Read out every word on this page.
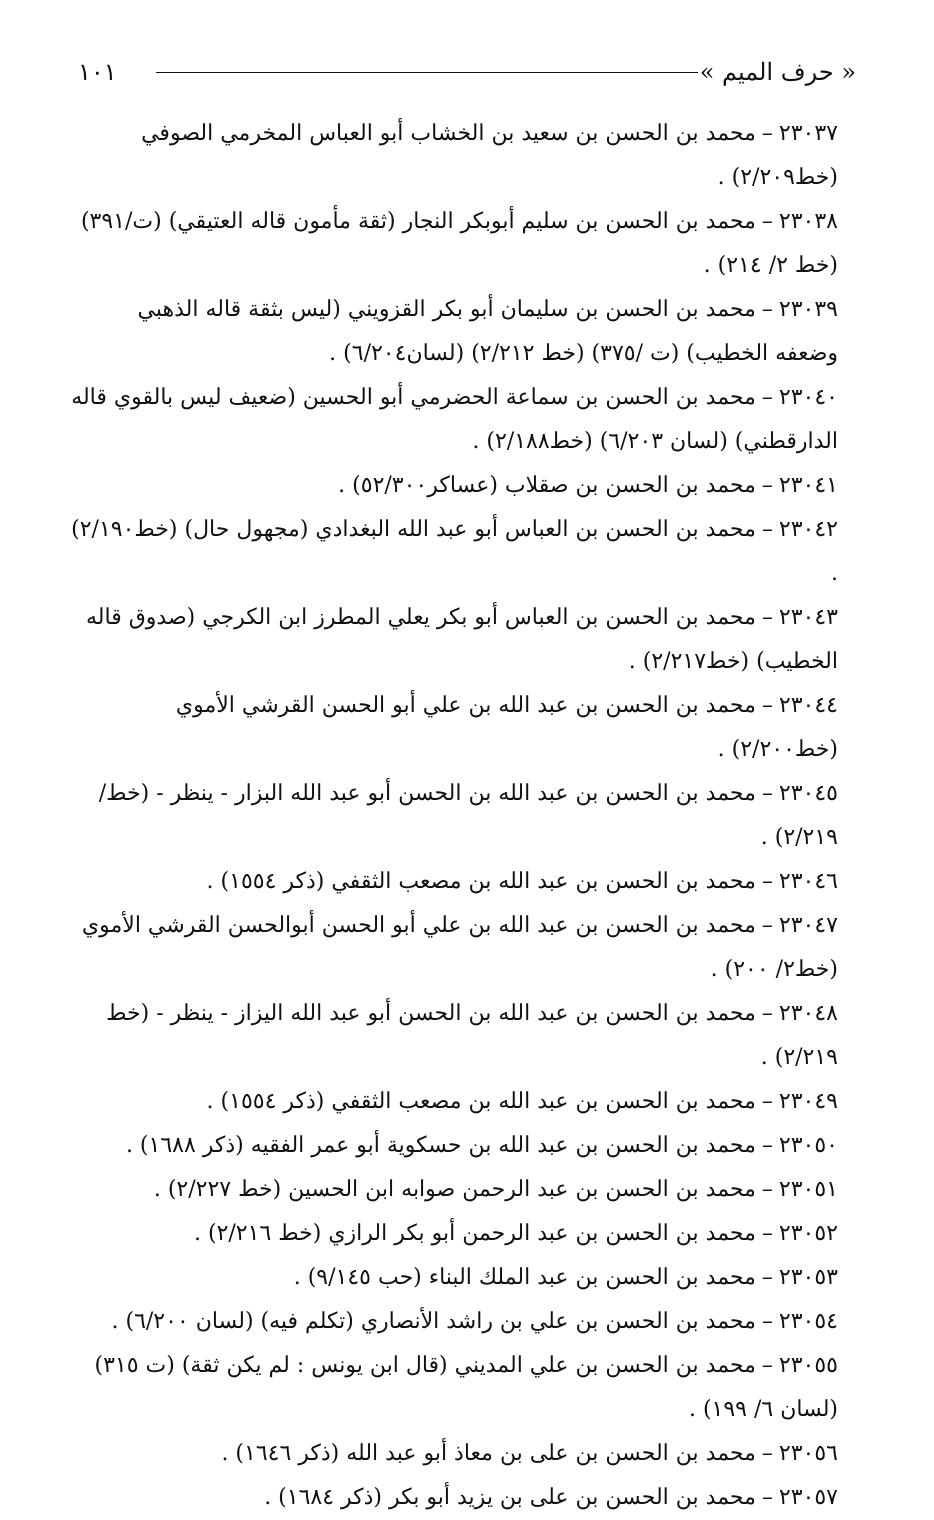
« حرف الميم »
١٠١
٢٣٠٣٧–محمد بن الحسن بن سعيد بن الخشاب أبو العباس المخرمي الصوفي (خط٢/٢٠٩) .
٢٣٠٣٨–محمد بن الحسن بن سليم أبوبكر النجار (ثقة مأمون قاله العتيقي) (ت/٣٩١) (خط ٢/ ٢١٤) .
٢٣٠٣٩–محمد بن الحسن بن سليمان أبو بكر القزويني (ليس بثقة قاله الذهبي وضعفه الخطيب) (ت /٣٧٥) (خط ٢/٢١٢) (لسان٦/٢٠٤) .
٢٣٠٤٠–محمد بن الحسن بن سماعة الحضرمي أبو الحسين (ضعيف ليس بالقوي قاله الدارقطني) (لسان ٦/٢٠٣) (خط٢/١٨٨) .
٢٣٠٤١–محمد بن الحسن بن صقلاب (عساكر٥٢/٣٠٠) .
٢٣٠٤٢–محمد بن الحسن بن العباس أبو عبد الله البغدادي (مجهول حال) (خط٢/١٩٠) .
٢٣٠٤٣–محمد بن الحسن بن العباس أبو بكر يعلي المطرز ابن الكرجي (صدوق قاله الخطيب) (خط٢/٢١٧) .
٢٣٠٤٤–محمد بن الحسن بن عبد الله بن علي أبو الحسن القرشي الأموي (خط٢/٢٠٠) .
٢٣٠٤٥–محمد بن الحسن بن عبد الله بن الحسن أبو عبد الله البزار - ينظر - (خط/٢/٢١٩) .
٢٣٠٤٦–محمد بن الحسن بن عبد الله بن مصعب الثقفي (ذكر ١٥٥٤) .
٢٣٠٤٧–محمد بن الحسن بن عبد الله بن علي أبو الحسن أبوالحسن القرشي الأموي (خط٢/ ٢٠٠) .
٢٣٠٤٨–محمد بن الحسن بن عبد الله بن الحسن أبو عبد الله اليزاز - ينظر - (خط ٢/٢١٩) .
٢٣٠٤٩–محمد بن الحسن بن عبد الله بن مصعب الثقفي (ذكر ١٥٥٤) .
٢٣٠٥٠–محمد بن الحسن بن عبد الله بن حسكوية أبو عمر الفقيه (ذكر ١٦٨٨) .
٢٣٠٥١–محمد بن الحسن بن عبد الرحمن صوابه ابن الحسين (خط ٢/٢٢٧) .
٢٣٠٥٢–محمد بن الحسن بن عبد الرحمن أبو بكر الرازي (خط ٢/٢١٦) .
٢٣٠٥٣–محمد بن الحسن بن عبد الملك البناء (حب ٩/١٤٥) .
٢٣٠٥٤–محمد بن الحسن بن علي بن راشد الأنصاري (تكلم فيه) (لسان ٦/٢٠٠) .
٢٣٠٥٥–محمد بن الحسن بن علي المديني (قال ابن يونس : لم يكن ثقة) (ت ٣١٥) (لسان ٦/ ١٩٩) .
٢٣٠٥٦–محمد بن الحسن بن على بن معاذ أبو عبد الله (ذكر ١٦٤٦) .
٢٣٠٥٧–محمد بن الحسن بن على بن يزيد أبو بكر (ذكر ١٦٨٤) .
